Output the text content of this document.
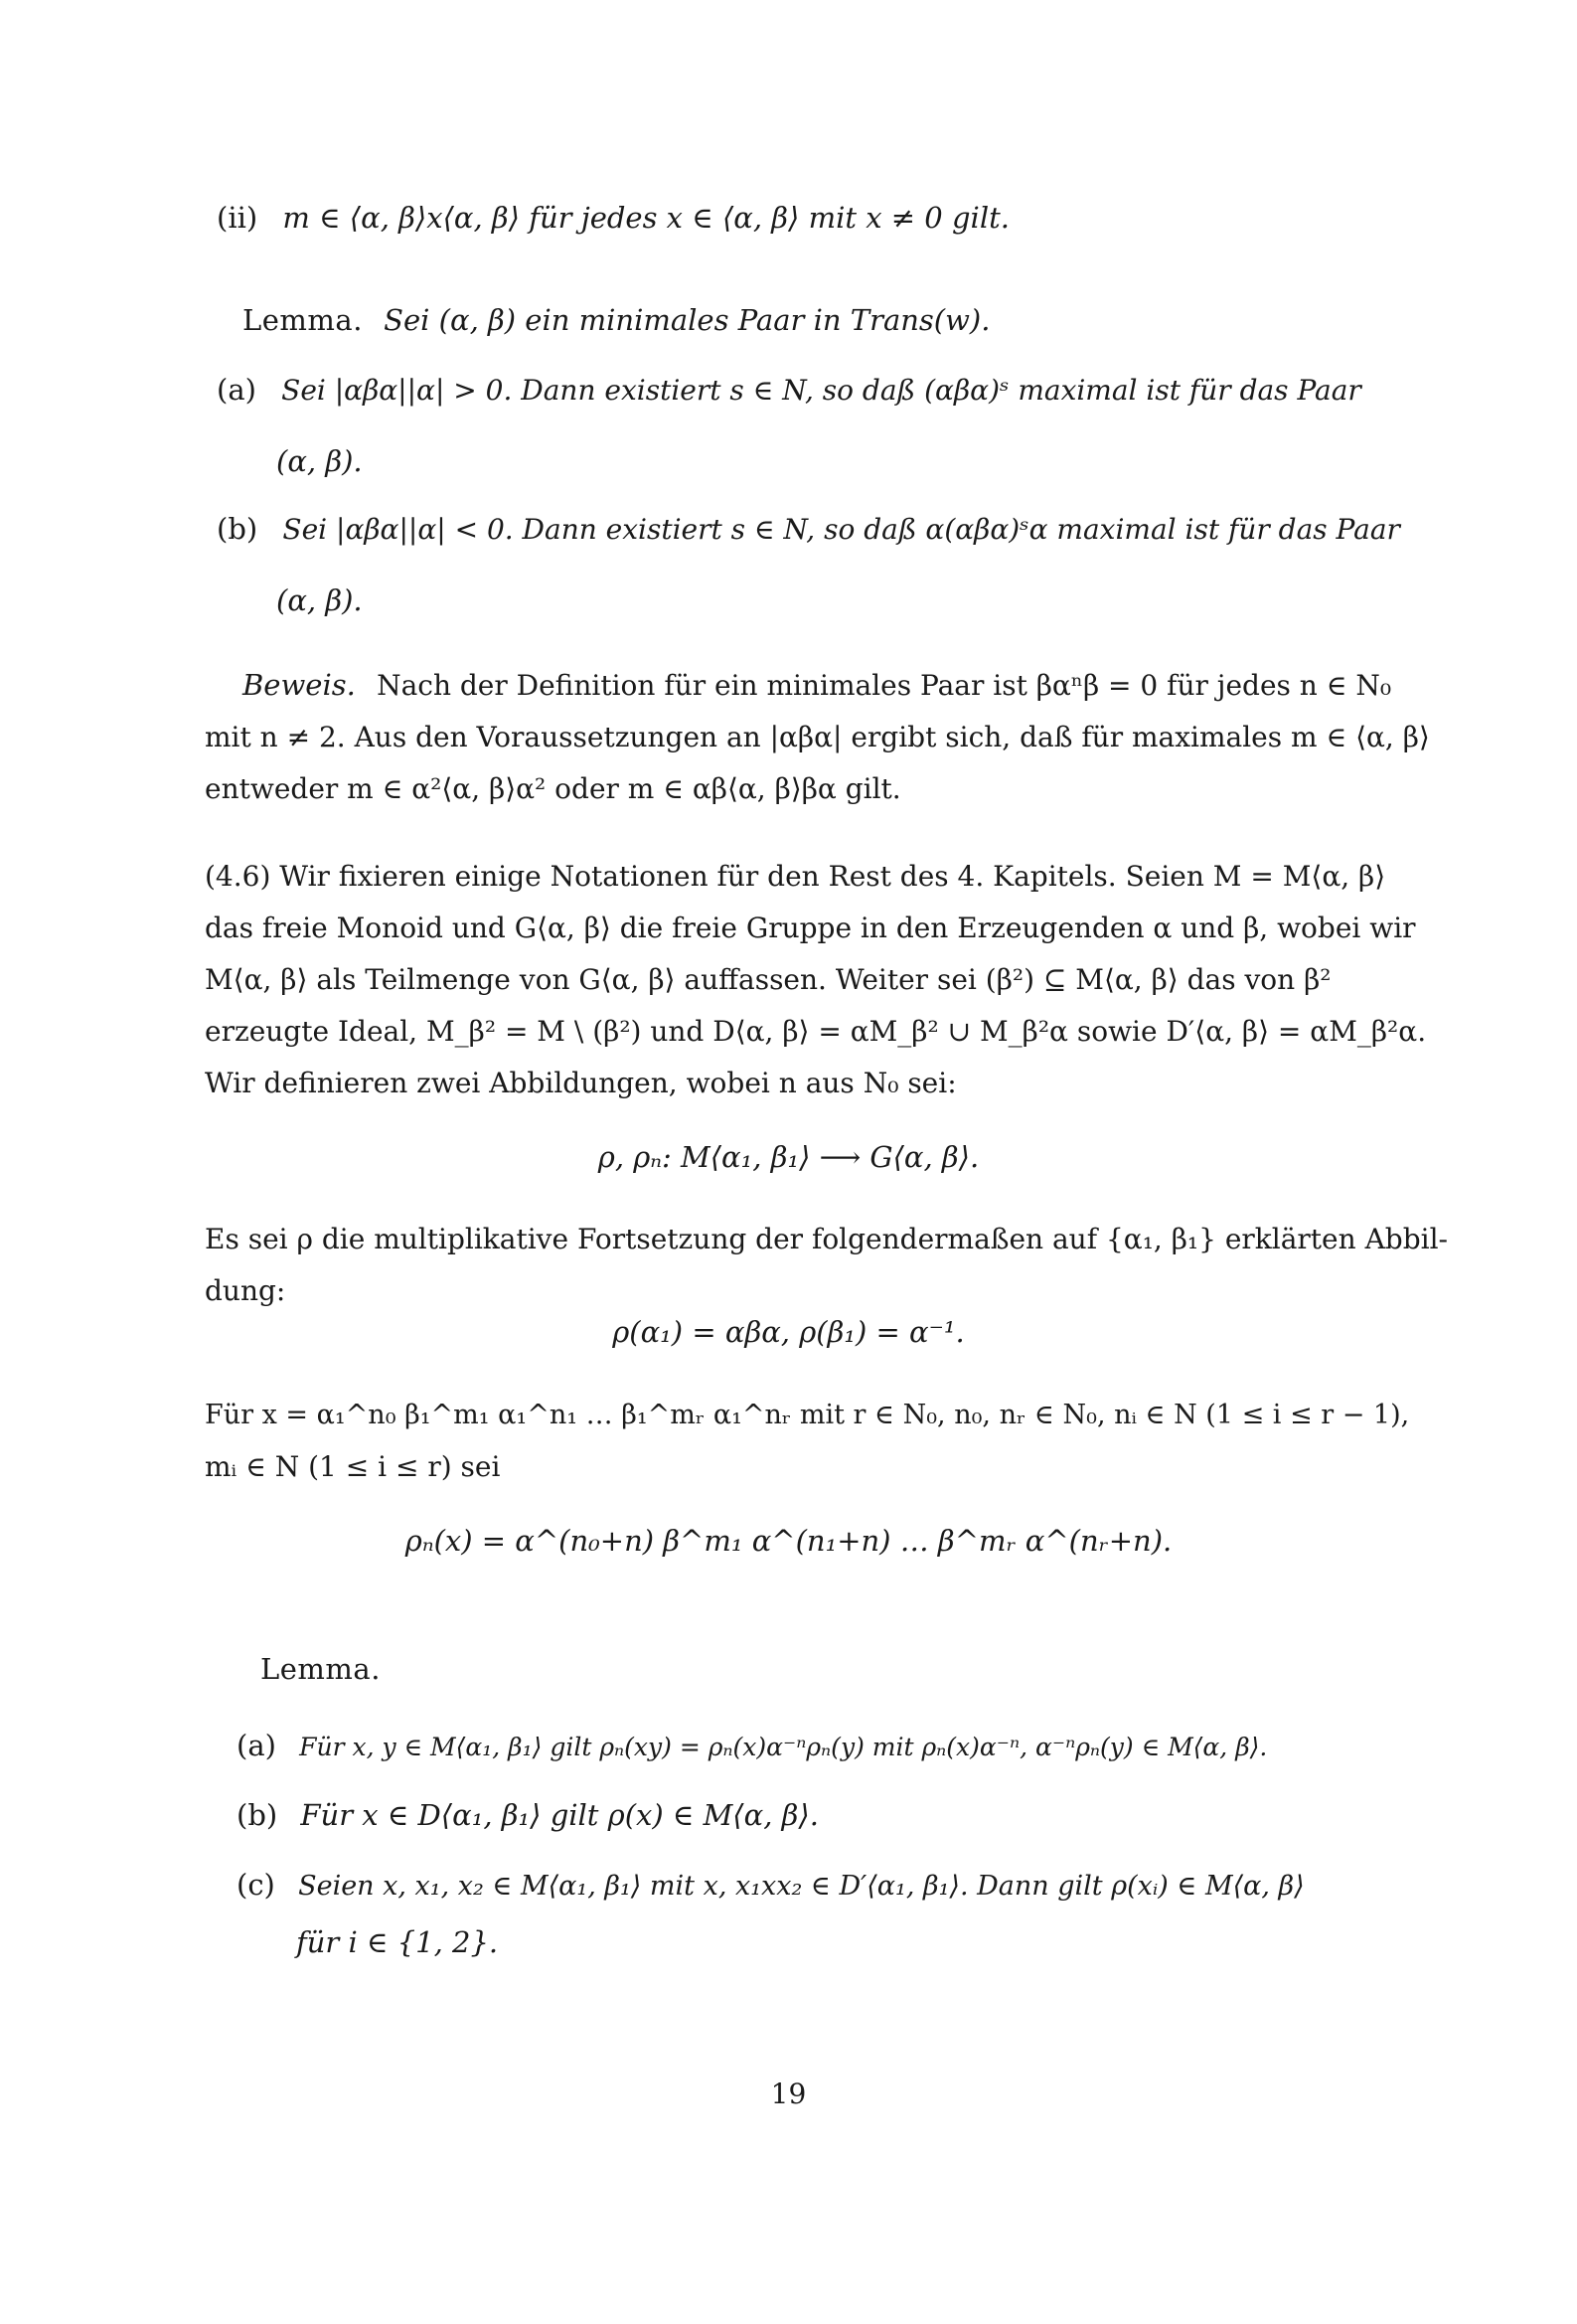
(ii) m ∈ ⟨α, β⟩x⟨α, β⟩ für jedes x ∈ ⟨α, β⟩ mit x ≠ 0 gilt.
Lemma. Sei (α, β) ein minimales Paar in Trans(w).
(a) Sei |αβα||α| > 0. Dann existiert s ∈ N, so daß (αβα)ˢ maximal ist für das Paar
(α, β).
(b) Sei |αβα||α| < 0. Dann existiert s ∈ N, so daß α(αβα)ˢα maximal ist für das Paar
(α, β).
Beweis. Nach der Definition für ein minimales Paar ist βαⁿβ = 0 für jedes n ∈ N₀
mit n ≠ 2. Aus den Voraussetzungen an |αβα| ergibt sich, daß für maximales m ∈ ⟨α, β⟩
entweder m ∈ α²⟨α, β⟩α² oder m ∈ αβ⟨α, β⟩βα gilt.
(4.6) Wir fixieren einige Notationen für den Rest des 4. Kapitels. Seien M = M⟨α, β⟩
das freie Monoid und G⟨α, β⟩ die freie Gruppe in den Erzeugenden α und β, wobei wir
M⟨α, β⟩ als Teilmenge von G⟨α, β⟩ auffassen. Weiter sei (β²) ⊆ M⟨α, β⟩ das von β²
erzeugte Ideal, M_β² = M \ (β²) und D⟨α, β⟩ = αM_β² ∪ M_β²α sowie D′⟨α, β⟩ = αM_β²α.
Wir definieren zwei Abbildungen, wobei n aus N₀ sei:
ρ, ρₙ: M⟨α₁, β₁⟩ ⟶ G⟨α, β⟩.
Es sei ρ die multiplikative Fortsetzung der folgendermaßen auf {α₁, β₁} erklärten Abbil-
dung:
ρ(α₁) = αβα, ρ(β₁) = α⁻¹.
Für x = α₁^n₀ β₁^m₁ α₁^n₁ … β₁^mᵣ α₁^nᵣ mit r ∈ N₀, n₀, nᵣ ∈ N₀, nᵢ ∈ N (1 ≤ i ≤ r − 1),
mᵢ ∈ N (1 ≤ i ≤ r) sei
ρₙ(x) = α^(n₀+n) β^m₁ α^(n₁+n) … β^mᵣ α^(nᵣ+n).
Lemma.
(a) Für x, y ∈ M⟨α₁, β₁⟩ gilt ρₙ(xy) = ρₙ(x)α⁻ⁿρₙ(y) mit ρₙ(x)α⁻ⁿ, α⁻ⁿρₙ(y) ∈ M⟨α, β⟩.
(b) Für x ∈ D⟨α₁, β₁⟩ gilt ρ(x) ∈ M⟨α, β⟩.
(c) Seien x, x₁, x₂ ∈ M⟨α₁, β₁⟩ mit x, x₁xx₂ ∈ D′⟨α₁, β₁⟩. Dann gilt ρ(xᵢ) ∈ M⟨α, β⟩
für i ∈ {1, 2}.
19
